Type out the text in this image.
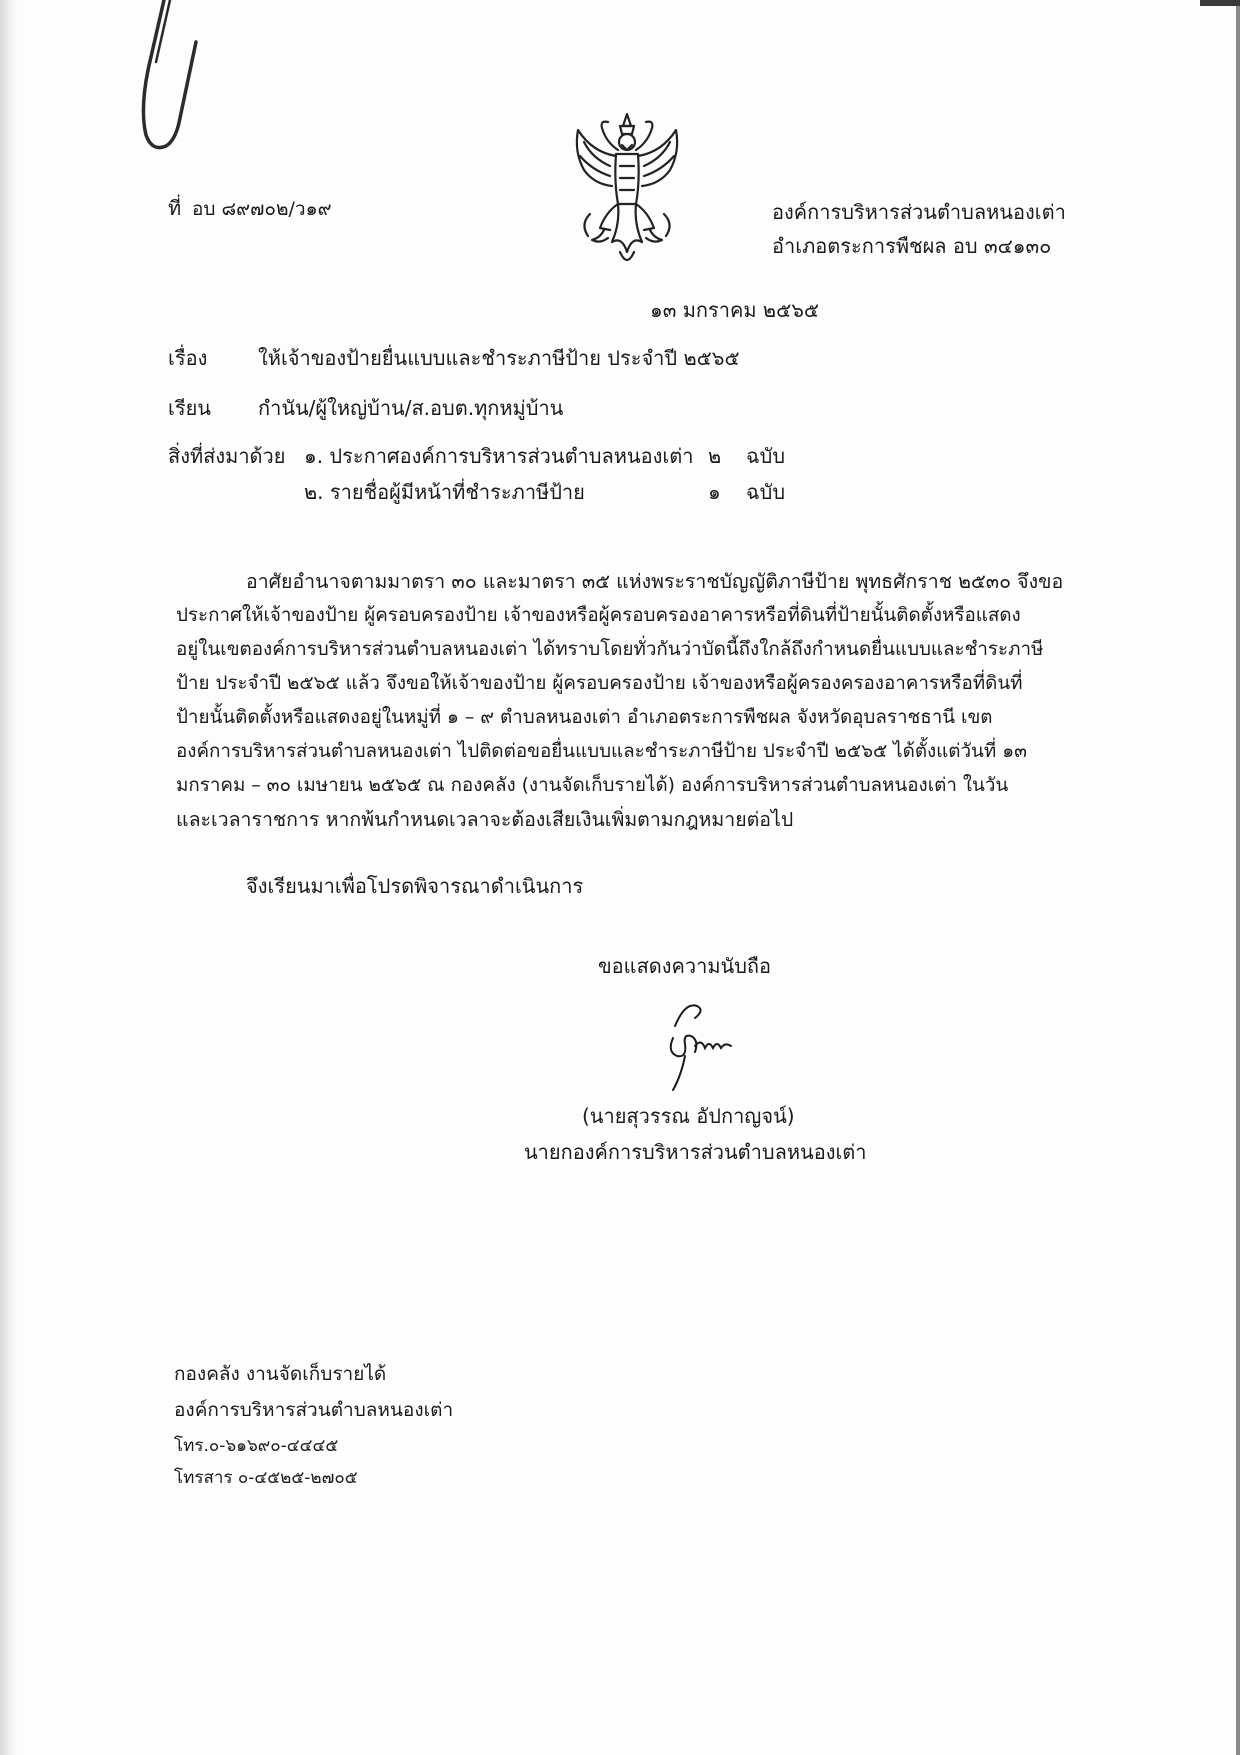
ที่ อบ ๘๙๗๐๒/ว๑๙	องค์การบริหารส่วนตำบลหนองเต่า
อำเภอตระการพืชผล อบ ๓๔๑๓๐
๑๓ มกราคม ๒๕๖๕
เรื่อง	ให้เจ้าของป้ายยื่นแบบและชำระภาษีป้าย ประจำปี ๒๕๖๕
เรียน กำนัน/ผู้ใหญ่บ้าน/ส.อบต.ทุกหมู่บ้าน
สิ่งที่ส่งมาด้วย ๑. ประกาศองค์การบริหารส่วนตำบลหนองเต่า ๒ ฉบับ
๒. รายชื่อผู้มีหน้าที่ชำระภาษีป้าย	๑ ฉบับ
อาศัยอำนาจตามมาตรา ๓๐ และมาตรา ๓๕ แห่งพระราชบัญญัติภาษีป้าย พุทธศักราช ๒๕๓๐ จึงขอ
ประกาศให้เจ้าของป้าย ผู้ครอบครองป้าย เจ้าของหรือผู้ครอบครองอาคารหรือที่ดินที่ป้ายนั้นติดตั้งหรือแสดง
อยู่ในเขตองค์การบริหารส่วนตำบลหนองเต่า ได้ทราบโดยทั่วกันว่าบัดนี้ถึงใกล้ถึงกำหนดยื่นแบบและชำระภาษี
ป้าย ประจำปี ๒๕๖๕ แล้ว จึงขอให้เจ้าของป้าย ผู้ครอบครองป้าย เจ้าของหรือผู้ครองครองอาคารหรือที่ดินที่
ป้ายนั้นติดตั้งหรือแสดงอยู่ในหมู่ที่ ๑ – ๙ ตำบลหนองเต่า อำเภอตระการพืชผล จังหวัดอุบลราชธานี เขต
องค์การบริหารส่วนตำบลหนองเต่า ไปติดต่อขอยื่นแบบและชำระภาษีป้าย ประจำปี ๒๕๖๕ ได้ตั้งแต่วันที่ ๑๓
มกราคม – ๓๐ เมษายน ๒๕๖๕ ณ กองคลัง (งานจัดเก็บรายได้) องค์การบริหารส่วนตำบลหนองเต่า ในวัน
และเวลาราชการ หากพ้นกำหนดเวลาจะต้องเสียเงินเพิ่มตามกฎหมายต่อไป
จึงเรียนมาเพื่อโปรดพิจารณาดำเนินการ
ขอแสดงความนับถือ
(นายสุวรรณ อัปกาญจน์)
นายกองค์การบริหารส่วนตำบลหนองเต่า
กองคลัง งานจัดเก็บรายได้
องค์การบริหารส่วนตำบลหนองเต่า
โทร.๐-๖๑๖๙๐-๔๔๔๕
โทรสาร ๐-๔๕๒๕-๒๗๐๕
